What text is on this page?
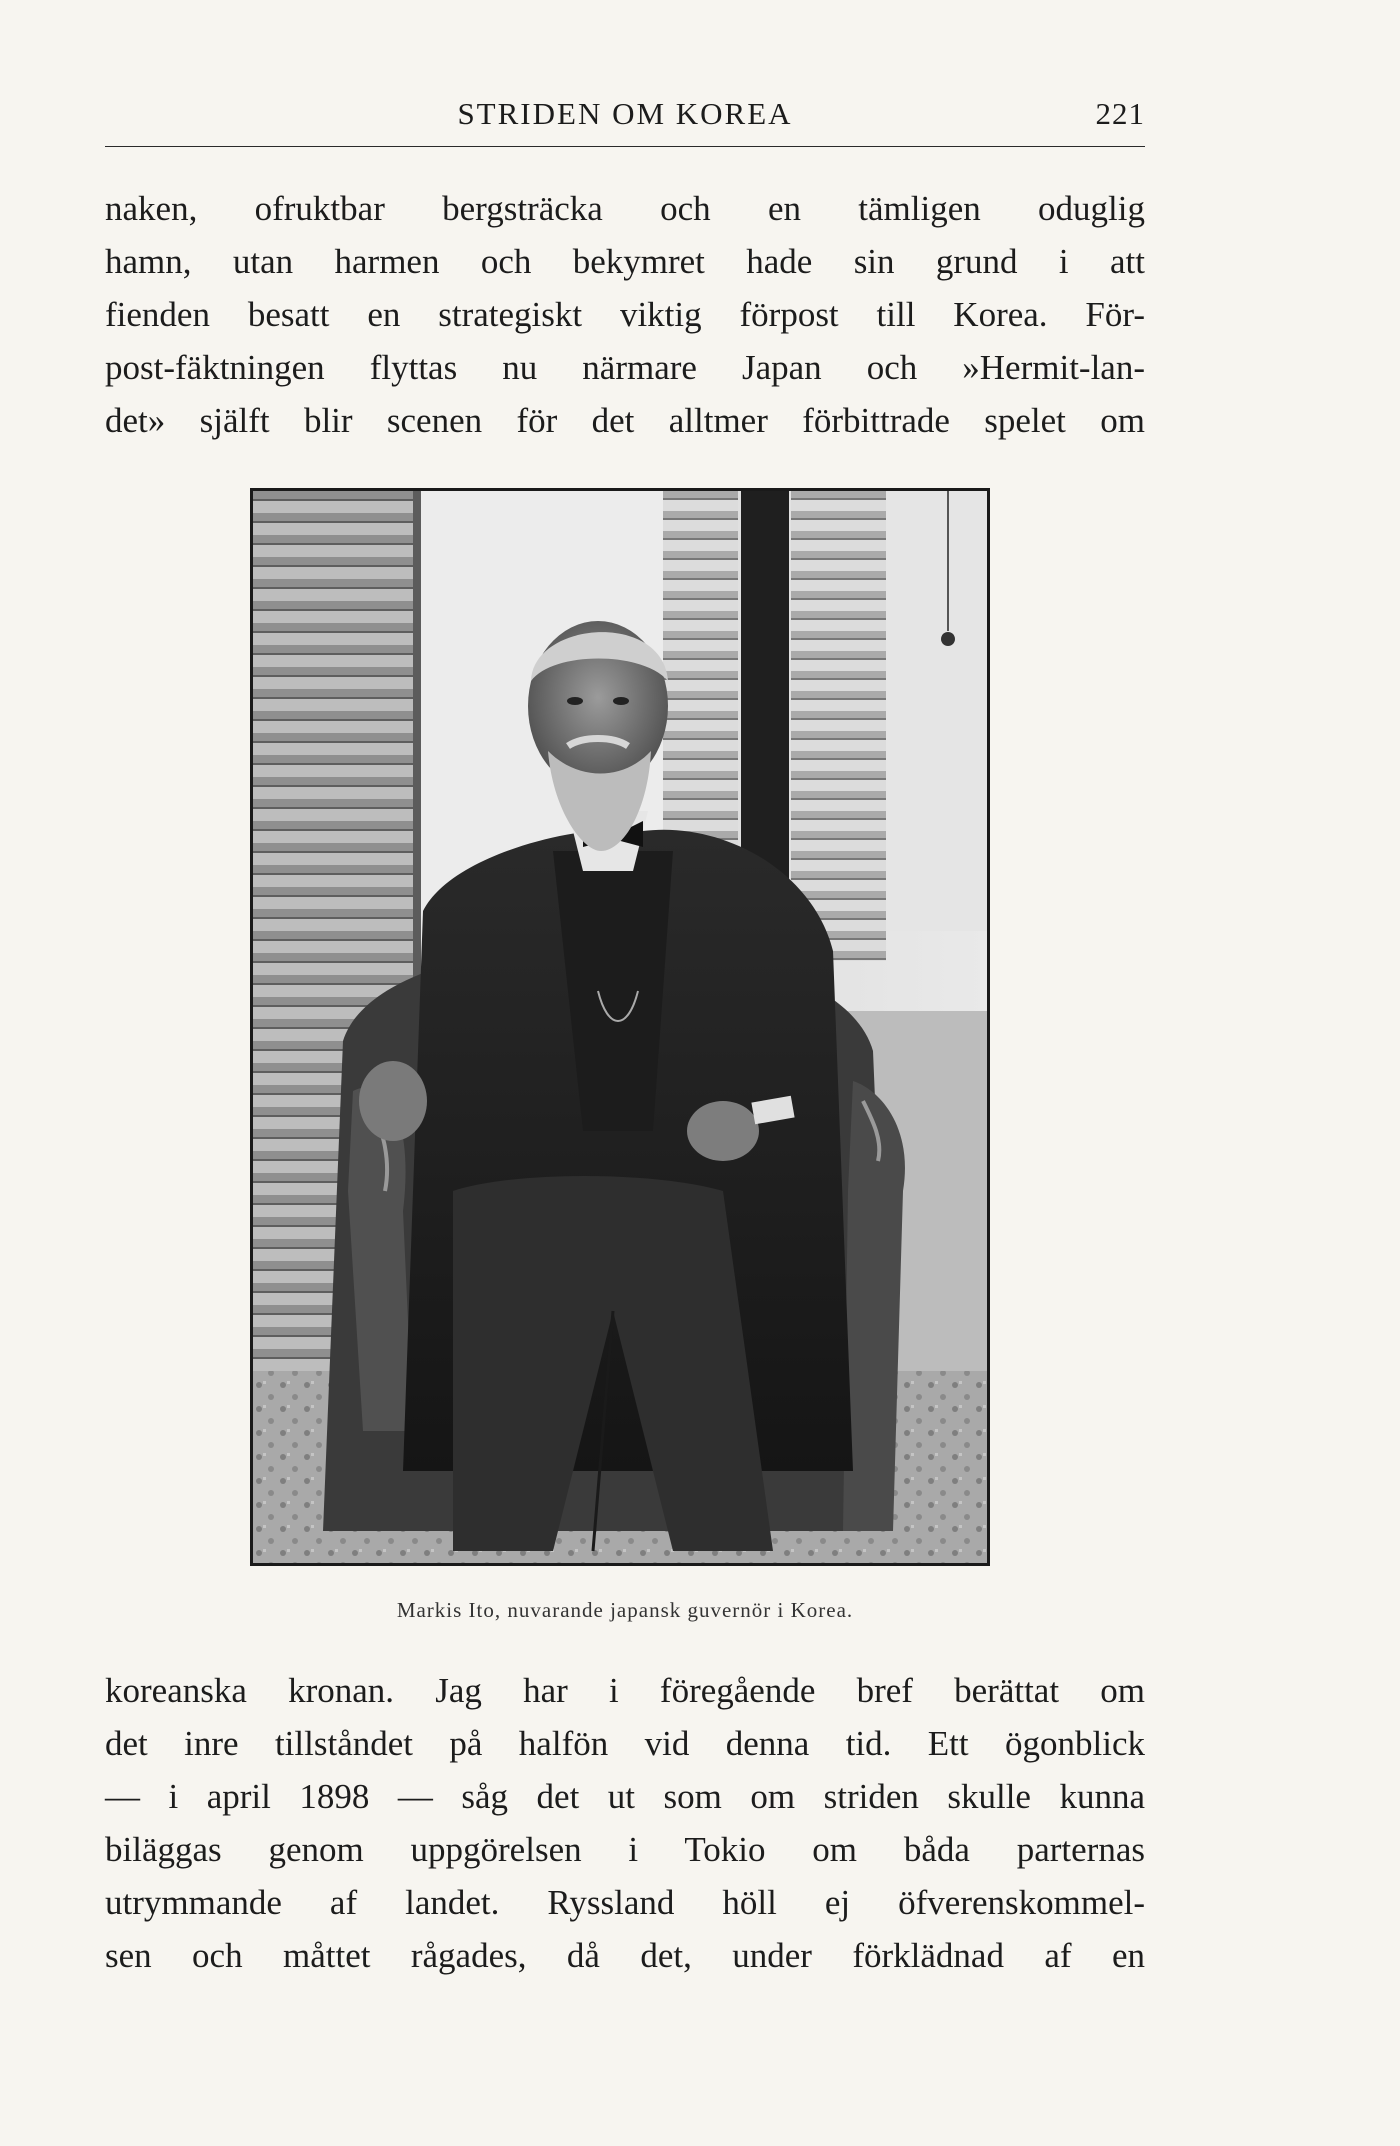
STRIDEN OM KOREA	221
naken, ofruktbar bergsträcka och en tämligen oduglig
hamn, utan harmen och bekymret hade sin grund i att
fienden besatt en strategiskt viktig förpost till Korea. För-
post-fäktningen flyttas nu närmare Japan och »Hermit-lan-
det» själft blir scenen för det alltmer förbittrade spelet om
Markis Ito, nuvarande japansk guvernör i Korea.
koreanska kronan. Jag har i föregående bref berättat om
det inre tillståndet på halfön vid denna tid. Ett ögonblick
— i april 1898 — såg det ut som om striden skulle kunna
biläggas genom uppgörelsen i Tokio om båda parternas
utrymmande af landet. Ryssland höll ej öfverenskommel-
sen och måttet rågades, då det, under förklädnad af en
